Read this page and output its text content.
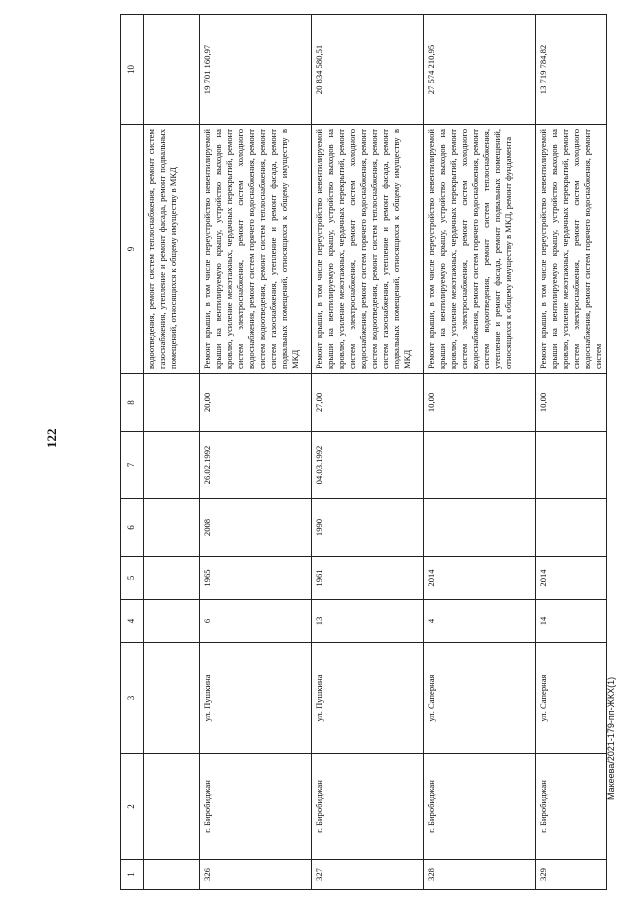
122
Макеева/2021-179-пп-ЖКХ(1)
1	2	3	4	5	6	7	8	9	10
								водоотведения, ремонт систем теплоснабжения, ремонт систем газоснабжения, утепление и ремонт фасада, ремонт подвальных помещений, относящихся к общему имуществу в МКД	
326	г. Биробиджан	ул. Пушкина	6	1965	2008	26.02.1992	20,00	Ремонт крыши, в том числе переустройство невентилируемой крыши на вентилируемую крышу, устройство выходов на кровлю, усиление межэтажных, чердачных перекрытий, ремонт систем электроснабжения, ремонт систем холодного водоснабжения, ремонт систем горячего водоснабжения, ремонт систем водоотведения, ремонт систем теплоснабжения, ремонт систем газоснабжения, утепление и ремонт фасада, ремонт подвальных помещений, относящихся к общему имуществу в МКД	19 701 160,97
327	г. Биробиджан	ул. Пушкина	13	1961	1990	04.03.1992	27,00	Ремонт крыши, в том числе переустройство невентилируемой крыши на вентилируемую крышу, устройство выходов на кровлю, усиление межэтажных, чердачных перекрытий, ремонт систем электроснабжения, ремонт систем холодного водоснабжения, ремонт систем горячего водоснабжения, ремонт систем водоотведения, ремонт систем теплоснабжения, ремонт систем газоснабжения, утепление и ремонт фасада, ремонт подвальных помещений, относящихся к общему имуществу в МКД	20 834 580,51
328	г. Биробиджан	ул. Саперная	4	2014			10,00	Ремонт крыши, в том числе переустройство невентилируемой крыши на вентилируемую крышу, устройство выходов на кровлю, усиление межэтажных, чердачных перекрытий, ремонт систем электроснабжения, ремонт систем холодного водоснабжения, ремонт систем горячего водоснабжения, ремонт систем водоотведения, ремонт систем теплоснабжения, утепление и ремонт фасада, ремонт подвальных помещений, относящихся к общему имуществу в МКД, ремонт фундамента	27 574 210,95
329	г. Биробиджан	ул. Саперная	14	2014			10,00	Ремонт крыши, в том числе переустройство невентилируемой крыши на вентилируемую крышу, устройство выходов на кровлю, усиление межэтажных, чердачных перекрытий, ремонт систем электроснабжения, ремонт систем холодного водоснабжения, ремонт систем горячего водоснабжения, ремонт систем	13 719 784,82
